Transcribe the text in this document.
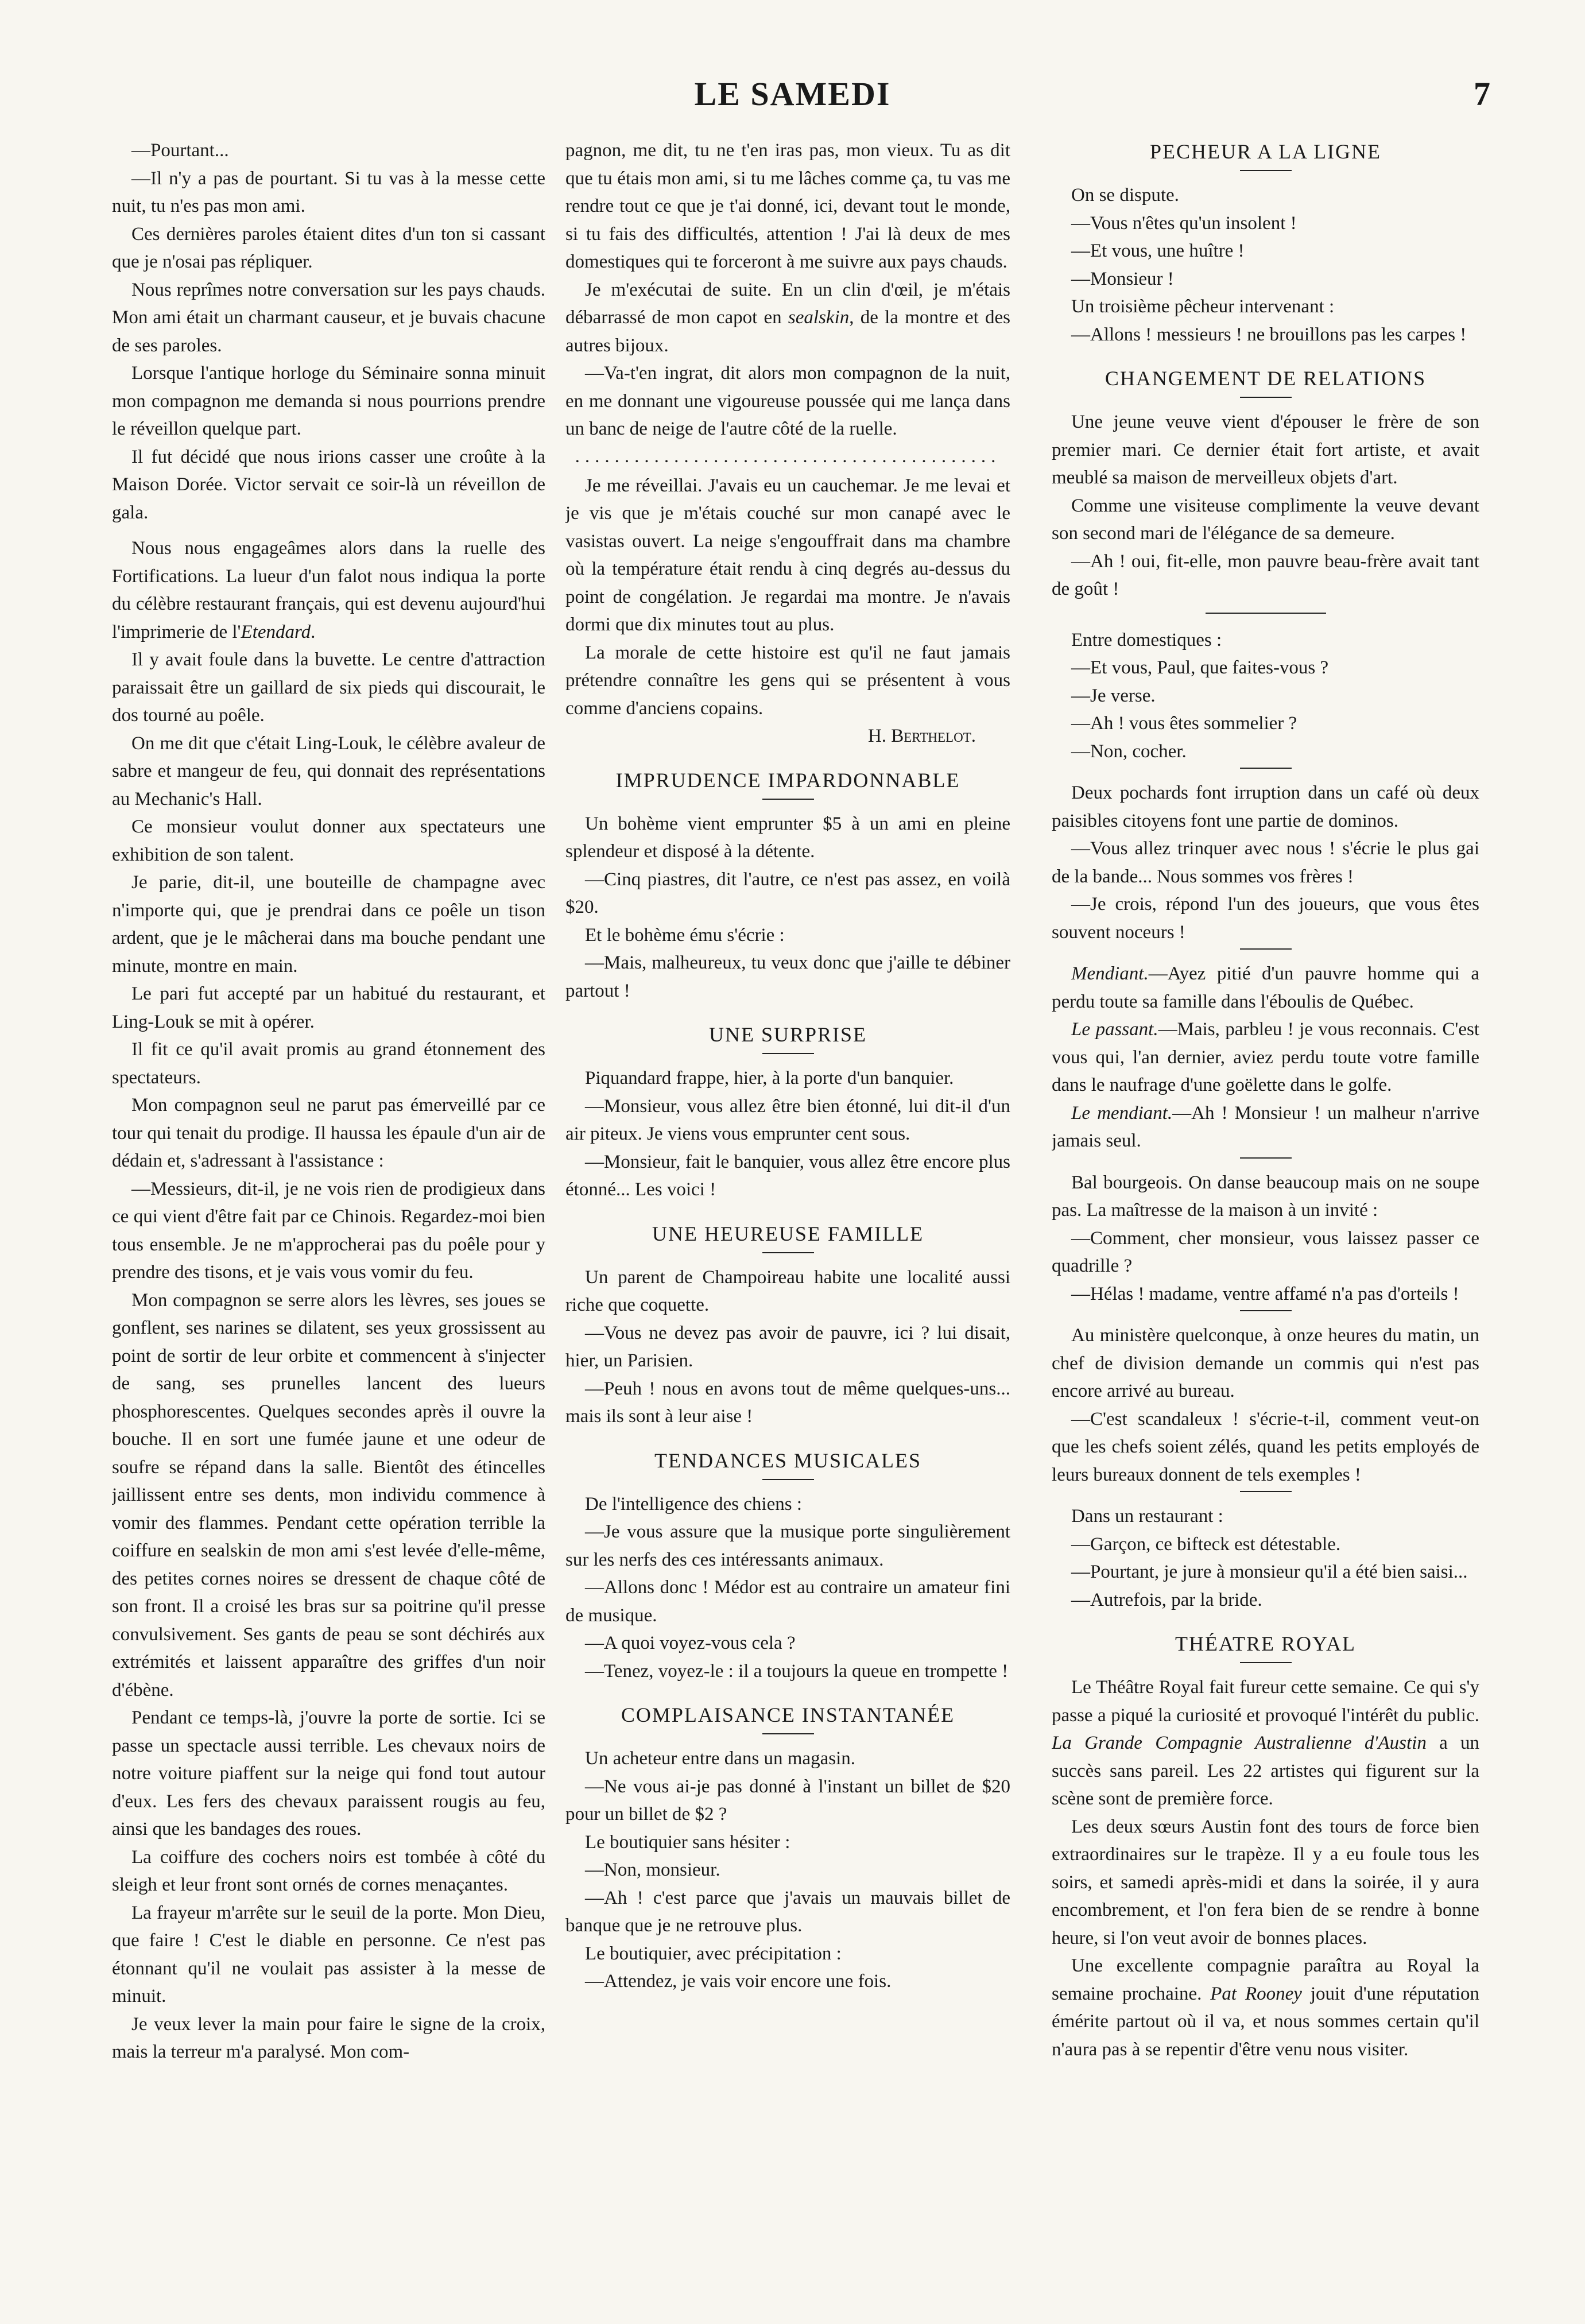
LE SAMEDI	7

—Pourtant...

—Il n'y a pas de pourtant. Si tu vas à la messe cette nuit, tu n'es pas mon ami.

Ces dernières paroles étaient dites d'un ton si cassant que je n'osai pas répliquer.

Nous reprîmes notre conversation sur les pays chauds. Mon ami était un charmant causeur, et je buvais chacune de ses paroles.

Lorsque l'antique horloge du Séminaire sonna minuit mon compagnon me demanda si nous pourrions prendre le réveillon quelque part.

Il fut décidé que nous irions casser une croûte à la Maison Dorée. Victor servait ce soir-là un réveillon de gala.

Nous nous engageâmes alors dans la ruelle des Fortifications. La lueur d'un falot nous indiqua la porte du célèbre restaurant français, qui est devenu aujourd'hui l'imprimerie de l'Etendard.

Il y avait foule dans la buvette. Le centre d'attraction paraissait être un gaillard de six pieds qui discourait, le dos tourné au poêle.

On me dit que c'était Ling-Louk, le célèbre avaleur de sabre et mangeur de feu, qui donnait des représentations au Mechanic's Hall.

Ce monsieur voulut donner aux spectateurs une exhibition de son talent.

Je parie, dit-il, une bouteille de champagne avec n'importe qui, que je prendrai dans ce poêle un tison ardent, que je le mâcherai dans ma bouche pendant une minute, montre en main.

Le pari fut accepté par un habitué du restaurant, et Ling-Louk se mit à opérer.

Il fit ce qu'il avait promis au grand étonnement des spectateurs.

Mon compagnon seul ne parut pas émerveillé par ce tour qui tenait du prodige. Il haussa les épaule d'un air de dédain et, s'adressant à l'assistance :

—Messieurs, dit-il, je ne vois rien de prodigieux dans ce qui vient d'être fait par ce Chinois. Regardez-moi bien tous ensemble. Je ne m'approcherai pas du poêle pour y prendre des tisons, et je vais vous vomir du feu.

Mon compagnon se serre alors les lèvres, ses joues se gonflent, ses narines se dilatent, ses yeux grossissent au point de sortir de leur orbite et commencent à s'injecter de sang, ses prunelles lancent des lueurs phosphorescentes. Quelques secondes après il ouvre la bouche. Il en sort une fumée jaune et une odeur de soufre se répand dans la salle. Bientôt des étincelles jaillissent entre ses dents, mon individu commence à vomir des flammes. Pendant cette opération terrible la coiffure en sealskin de mon ami s'est levée d'elle-même, des petites cornes noires se dressent de chaque côté de son front. Il a croisé les bras sur sa poitrine qu'il presse convulsivement. Ses gants de peau se sont déchirés aux extrémités et laissent apparaître des griffes d'un noir d'ébène.

Pendant ce temps-là, j'ouvre la porte de sortie. Ici se passe un spectacle aussi terrible. Les chevaux noirs de notre voiture piaffent sur la neige qui fond tout autour d'eux. Les fers des chevaux paraissent rougis au feu, ainsi que les bandages des roues.

La coiffure des cochers noirs est tombée à côté du sleigh et leur front sont ornés de cornes menaçantes.

La frayeur m'arrête sur le seuil de la porte. Mon Dieu, que faire ! C'est le diable en personne. Ce n'est pas étonnant qu'il ne voulait pas assister à la messe de minuit.

Je veux lever la main pour faire le signe de la croix, mais la terreur m'a paralysé. Mon com-

pagnon, me dit, tu ne t'en iras pas, mon vieux. Tu as dit que tu étais mon ami, si tu me lâches comme ça, tu vas me rendre tout ce que je t'ai donné, ici, devant tout le monde, si tu fais des difficultés, attention ! J'ai là deux de mes domestiques qui te forceront à me suivre aux pays chauds.

Je m'exécutai de suite. En un clin d'œil, je m'étais débarrassé de mon capot en sealskin, de la montre et des autres bijoux.

—Va-t'en ingrat, dit alors mon compagnon de la nuit, en me donnant une vigoureuse poussée qui me lança dans un banc de neige de l'autre côté de la ruelle.

...........................................

Je me réveillai. J'avais eu un cauchemar. Je me levai et je vis que je m'étais couché sur mon canapé avec le vasistas ouvert. La neige s'engouffrait dans ma chambre où la température était rendu à cinq degrés au-dessus du point de congélation. Je regardai ma montre. Je n'avais dormi que dix minutes tout au plus.

La morale de cette histoire est qu'il ne faut jamais prétendre connaître les gens qui se présentent à vous comme d'anciens copains.

H. Berthelot.

IMPRUDENCE IMPARDONNABLE

Un bohème vient emprunter $5 à un ami en pleine splendeur et disposé à la détente.

—Cinq piastres, dit l'autre, ce n'est pas assez, en voilà $20.

Et le bohème ému s'écrie :

—Mais, malheureux, tu veux donc que j'aille te débiner partout !

UNE SURPRISE

Piquandard frappe, hier, à la porte d'un banquier.

—Monsieur, vous allez être bien étonné, lui dit-il d'un air piteux. Je viens vous emprunter cent sous.

—Monsieur, fait le banquier, vous allez être encore plus étonné... Les voici !

UNE HEUREUSE FAMILLE

Un parent de Champoireau habite une localité aussi riche que coquette.

—Vous ne devez pas avoir de pauvre, ici ? lui disait, hier, un Parisien.

—Peuh ! nous en avons tout de même quelques-uns... mais ils sont à leur aise !

TENDANCES MUSICALES

De l'intelligence des chiens :

—Je vous assure que la musique porte singulièrement sur les nerfs des ces intéressants animaux.

—Allons donc ! Médor est au contraire un amateur fini de musique.

—A quoi voyez-vous cela ?

—Tenez, voyez-le : il a toujours la queue en trompette !

COMPLAISANCE INSTANTANÉE

Un acheteur entre dans un magasin.

—Ne vous ai-je pas donné à l'instant un billet de $20 pour un billet de $2 ?

Le boutiquier sans hésiter :

—Non, monsieur.

—Ah ! c'est parce que j'avais un mauvais billet de banque que je ne retrouve plus.

Le boutiquier, avec précipitation :

—Attendez, je vais voir encore une fois.

PECHEUR A LA LIGNE

On se dispute.

—Vous n'êtes qu'un insolent !

—Et vous, une huître !

—Monsieur !

Un troisième pêcheur intervenant :

—Allons ! messieurs ! ne brouillons pas les carpes !

CHANGEMENT DE RELATIONS

Une jeune veuve vient d'épouser le frère de son premier mari. Ce dernier était fort artiste, et avait meublé sa maison de merveilleux objets d'art.

Comme une visiteuse complimente la veuve devant son second mari de l'élégance de sa demeure.

—Ah ! oui, fit-elle, mon pauvre beau-frère avait tant de goût !

Entre domestiques :

—Et vous, Paul, que faites-vous ?

—Je verse.

—Ah ! vous êtes sommelier ?

—Non, cocher.

Deux pochards font irruption dans un café où deux paisibles citoyens font une partie de dominos.

—Vous allez trinquer avec nous ! s'écrie le plus gai de la bande... Nous sommes vos frères !

—Je crois, répond l'un des joueurs, que vous êtes souvent noceurs !

Mendiant.—Ayez pitié d'un pauvre homme qui a perdu toute sa famille dans l'éboulis de Québec.

Le passant.—Mais, parbleu ! je vous reconnais. C'est vous qui, l'an dernier, aviez perdu toute votre famille dans le naufrage d'une goëlette dans le golfe.

Le mendiant.—Ah ! Monsieur ! un malheur n'arrive jamais seul.

Bal bourgeois. On danse beaucoup mais on ne soupe pas. La maîtresse de la maison à un invité :

—Comment, cher monsieur, vous laissez passer ce quadrille ?

—Hélas ! madame, ventre affamé n'a pas d'orteils !

Au ministère quelconque, à onze heures du matin, un chef de division demande un commis qui n'est pas encore arrivé au bureau.

—C'est scandaleux ! s'écrie-t-il, comment veut-on que les chefs soient zélés, quand les petits employés de leurs bureaux donnent de tels exemples !

Dans un restaurant :

—Garçon, ce bifteck est détestable.

—Pourtant, je jure à monsieur qu'il a été bien saisi...

—Autrefois, par la bride.

THÉATRE ROYAL

Le Théâtre Royal fait fureur cette semaine. Ce qui s'y passe a piqué la curiosité et provoqué l'intérêt du public. La Grande Compagnie Australienne d'Austin a un succès sans pareil. Les 22 artistes qui figurent sur la scène sont de première force.

Les deux sœurs Austin font des tours de force bien extraordinaires sur le trapèze. Il y a eu foule tous les soirs, et samedi après-midi et dans la soirée, il y aura encombrement, et l'on fera bien de se rendre à bonne heure, si l'on veut avoir de bonnes places.

Une excellente compagnie paraîtra au Royal la semaine prochaine. Pat Rooney jouit d'une réputation émérite partout où il va, et nous sommes certain qu'il n'aura pas à se repentir d'être venu nous visiter.
